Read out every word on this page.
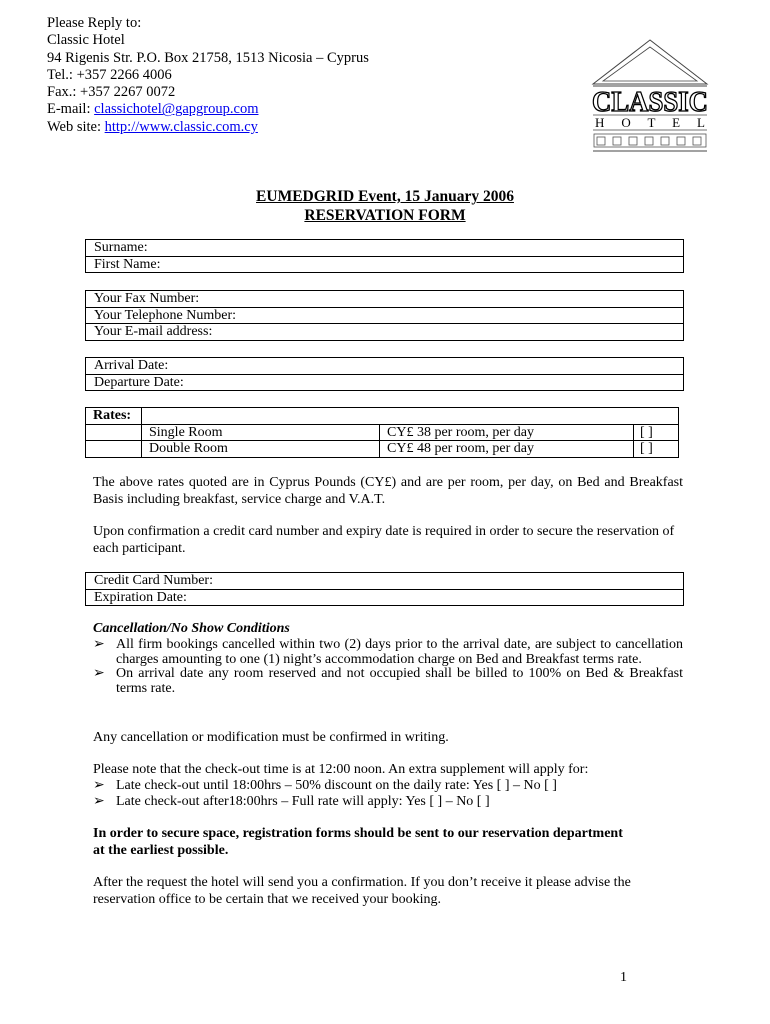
Please Reply to:
Classic Hotel
94 Rigenis Str. P.O. Box 21758, 1513 Nicosia – Cyprus
Tel.: +357 2266 4006
Fax.: +357 2267 0072
E-mail: classichotel@gapgroup.com
Web site: http://www.classic.com.cy
CLASSIC
H O T E L
EUMEDGRID Event, 15 January 2006
RESERVATION FORM
Surname:
First Name:
Your Fax Number:
Your Telephone Number:
Your E-mail address:
Arrival Date:
Departure Date:
Rates:			
	Single Room	CY£ 38 per room, per day	[ ]
	Double Room	CY£ 48 per room, per day	[ ]
The above rates quoted are in Cyprus Pounds (CY£) and are per room, per day, on Bed and Breakfast Basis including breakfast, service charge and V.A.T.
Upon confirmation a credit card number and expiry date is required in order to secure the reservation of each participant.
Credit Card Number:
Expiration Date:
Cancellation/No Show Conditions
➢ All firm bookings cancelled within two (2) days prior to the arrival date, are subject to cancellation charges amounting to one (1) night’s accommodation charge on Bed and Breakfast terms rate.
➢ On arrival date any room reserved and not occupied shall be billed to 100% on Bed & Breakfast terms rate.
Any cancellation or modification must be confirmed in writing.
Please note that the check-out time is at 12:00 noon. An extra supplement will apply for:
➢ Late check-out until 18:00hrs – 50% discount on the daily rate: Yes [ ] – No [ ]
➢ Late check-out after18:00hrs – Full rate will apply: Yes [ ] – No [ ]
In order to secure space, registration forms should be sent to our reservation department at the earliest possible.
After the request the hotel will send you a confirmation. If you don’t receive it please advise the reservation office to be certain that we received your booking.
1
